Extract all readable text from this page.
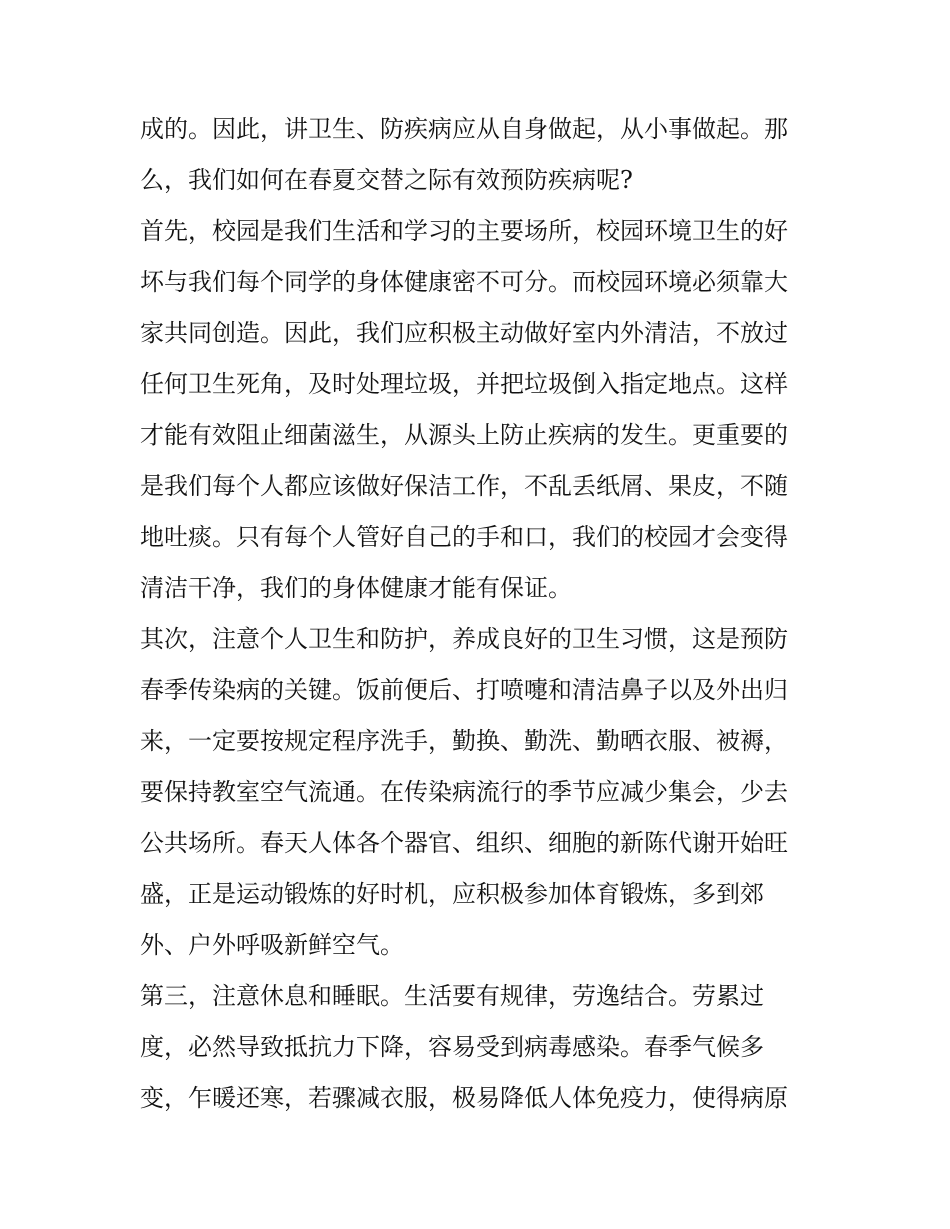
成的。因此，讲卫生、防疾病应从自身做起，从小事做起。那
么，我们如何在春夏交替之际有效预防疾病呢?
首先，校园是我们生活和学习的主要场所，校园环境卫生的好
坏与我们每个同学的身体健康密不可分。而校园环境必须靠大
家共同创造。因此，我们应积极主动做好室内外清洁，不放过
任何卫生死角，及时处理垃圾，并把垃圾倒入指定地点。这样
才能有效阻止细菌滋生，从源头上防止疾病的发生。更重要的
是我们每个人都应该做好保洁工作，不乱丢纸屑、果皮，不随
地吐痰。只有每个人管好自己的手和口，我们的校园才会变得
清洁干净，我们的身体健康才能有保证。
其次，注意个人卫生和防护，养成良好的卫生习惯，这是预防
春季传染病的关键。饭前便后、打喷嚏和清洁鼻子以及外出归
来，一定要按规定程序洗手，勤换、勤洗、勤晒衣服、被褥，
要保持教室空气流通。在传染病流行的季节应减少集会，少去
公共场所。春天人体各个器官、组织、细胞的新陈代谢开始旺
盛，正是运动锻炼的好时机，应积极参加体育锻炼，多到郊
外、户外呼吸新鲜空气。
第三，注意休息和睡眠。生活要有规律，劳逸结合。劳累过
度，必然导致抵抗力下降，容易受到病毒感染。春季气候多
变，乍暖还寒，若骤减衣服，极易降低人体免疫力，使得病原
